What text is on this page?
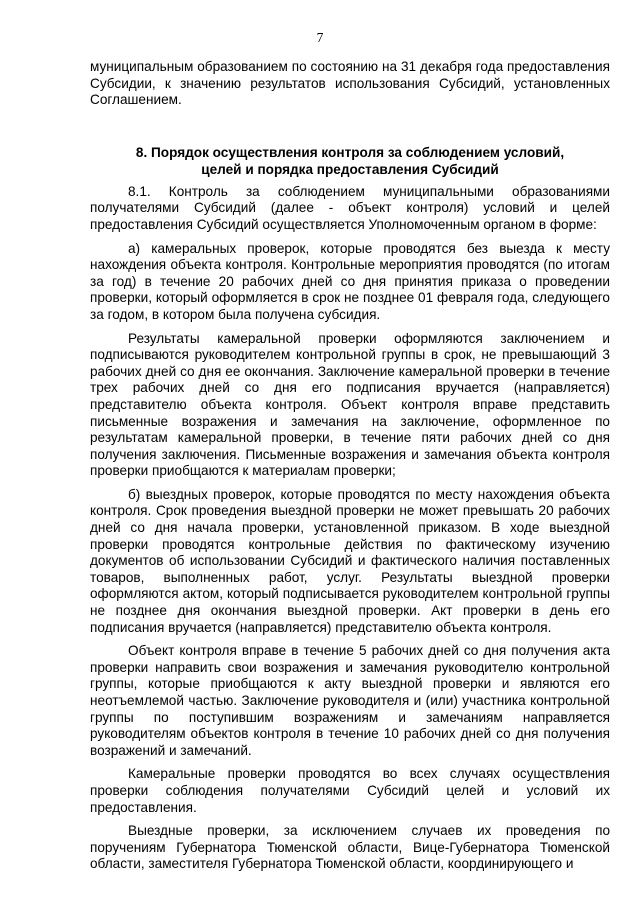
7

муниципальным образованием по состоянию на 31 декабря года предоставления Субсидии, к значению результатов использования Субсидий, установленных Соглашением.

8. Порядок осуществления контроля за соблюдением условий,
целей и порядка предоставления Субсидий

8.1. Контроль за соблюдением муниципальными образованиями получателями Субсидий (далее - объект контроля) условий и целей предоставления Субсидий осуществляется Уполномоченным органом в форме:

а) камеральных проверок, которые проводятся без выезда к месту нахождения объекта контроля. Контрольные мероприятия проводятся (по итогам за год) в течение 20 рабочих дней со дня принятия приказа о проведении проверки, который оформляется в срок не позднее 01 февраля года, следующего за годом, в котором была получена субсидия.

Результаты камеральной проверки оформляются заключением и подписываются руководителем контрольной группы в срок, не превышающий 3 рабочих дней со дня ее окончания. Заключение камеральной проверки в течение трех рабочих дней со дня его подписания вручается (направляется) представителю объекта контроля. Объект контроля вправе представить письменные возражения и замечания на заключение, оформленное по результатам камеральной проверки, в течение пяти рабочих дней со дня получения заключения. Письменные возражения и замечания объекта контроля проверки приобщаются к материалам проверки;

б) выездных проверок, которые проводятся по месту нахождения объекта контроля. Срок проведения выездной проверки не может превышать 20 рабочих дней со дня начала проверки, установленной приказом. В ходе выездной проверки проводятся контрольные действия по фактическому изучению документов об использовании Субсидий и фактического наличия поставленных товаров, выполненных работ, услуг. Результаты выездной проверки оформляются актом, который подписывается руководителем контрольной группы не позднее дня окончания выездной проверки. Акт проверки в день его подписания вручается (направляется) представителю объекта контроля.

Объект контроля вправе в течение 5 рабочих дней со дня получения акта проверки направить свои возражения и замечания руководителю контрольной группы, которые приобщаются к акту выездной проверки и являются его неотъемлемой частью. Заключение руководителя и (или) участника контрольной группы по поступившим возражениям и замечаниям направляется руководителям объектов контроля в течение 10 рабочих дней со дня получения возражений и замечаний.

Камеральные проверки проводятся во всех случаях осуществления проверки соблюдения получателями Субсидий целей и условий их предоставления.

Выездные проверки, за исключением случаев их проведения по поручениям Губернатора Тюменской области, Вице-Губернатора Тюменской области, заместителя Губернатора Тюменской области, координирующего и
